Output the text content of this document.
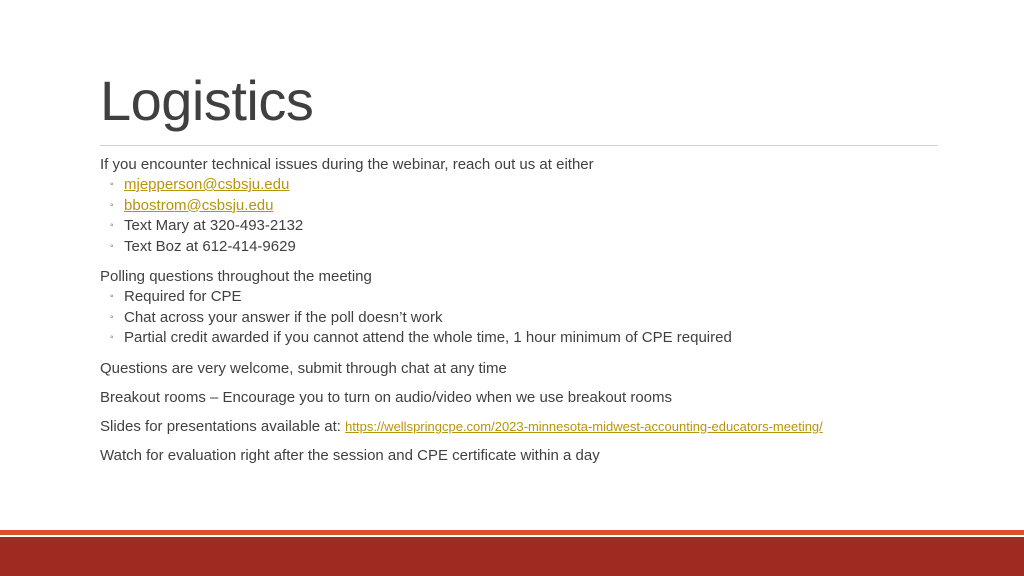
Logistics

If you encounter technical issues during the webinar, reach out us at either

◦ mjepperson@csbsju.edu
◦ bbostrom@csbsju.edu
◦ Text Mary at 320-493-2132
◦ Text Boz at 612-414-9629

Polling questions throughout the meeting

◦ Required for CPE
◦ Chat across your answer if the poll doesn’t work
◦ Partial credit awarded if you cannot attend the whole time, 1 hour minimum of CPE required

Questions are very welcome, submit through chat at any time

Breakout rooms – Encourage you to turn on audio/video when we use breakout rooms

Slides for presentations available at: https://wellspringcpe.com/2023-minnesota-midwest-accounting-educators-meeting/

Watch for evaluation right after the session and CPE certificate within a day
